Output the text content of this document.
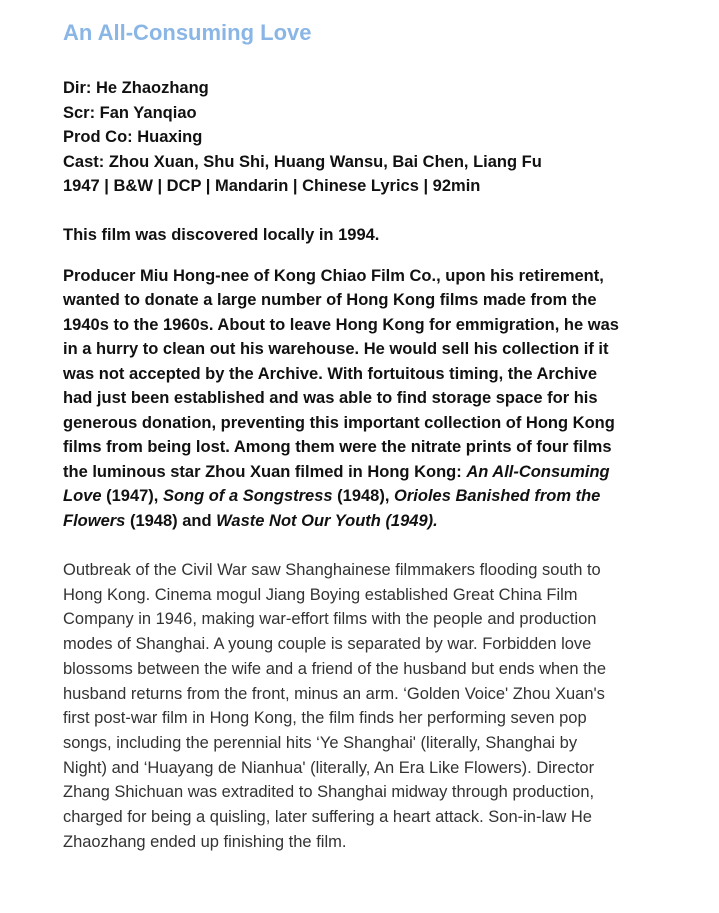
An All-Consuming Love
Dir: He Zhaozhang
Scr: Fan Yanqiao
Prod Co: Huaxing
Cast: Zhou Xuan, Shu Shi, Huang Wansu, Bai Chen, Liang Fu
1947 | B&W | DCP | Mandarin | Chinese Lyrics | 92min

This film was discovered locally in 1994.

Producer Miu Hong-nee of Kong Chiao Film Co., upon his retirement, wanted to donate a large number of Hong Kong films made from the 1940s to the 1960s. About to leave Hong Kong for emmigration, he was in a hurry to clean out his warehouse. He would sell his collection if it was not accepted by the Archive. With fortuitous timing, the Archive had just been established and was able to find storage space for his generous donation, preventing this important collection of Hong Kong films from being lost. Among them were the nitrate prints of four films the luminous star Zhou Xuan filmed in Hong Kong: An All-Consuming Love (1947), Song of a Songstress (1948), Orioles Banished from the Flowers (1948) and Waste Not Our Youth (1949).

Outbreak of the Civil War saw Shanghainese filmmakers flooding south to Hong Kong. Cinema mogul Jiang Boying established Great China Film Company in 1946, making war-effort films with the people and production modes of Shanghai. A young couple is separated by war. Forbidden love blossoms between the wife and a friend of the husband but ends when the husband returns from the front, minus an arm. ‘Golden Voice' Zhou Xuan's first post-war film in Hong Kong, the film finds her performing seven pop songs, including the perennial hits ‘Ye Shanghai' (literally, Shanghai by Night) and ‘Huayang de Nianhua' (literally, An Era Like Flowers). Director Zhang Shichuan was extradited to Shanghai midway through production, charged for being a quisling, later suffering a heart attack. Son-in-law He Zhaozhang ended up finishing the film.
